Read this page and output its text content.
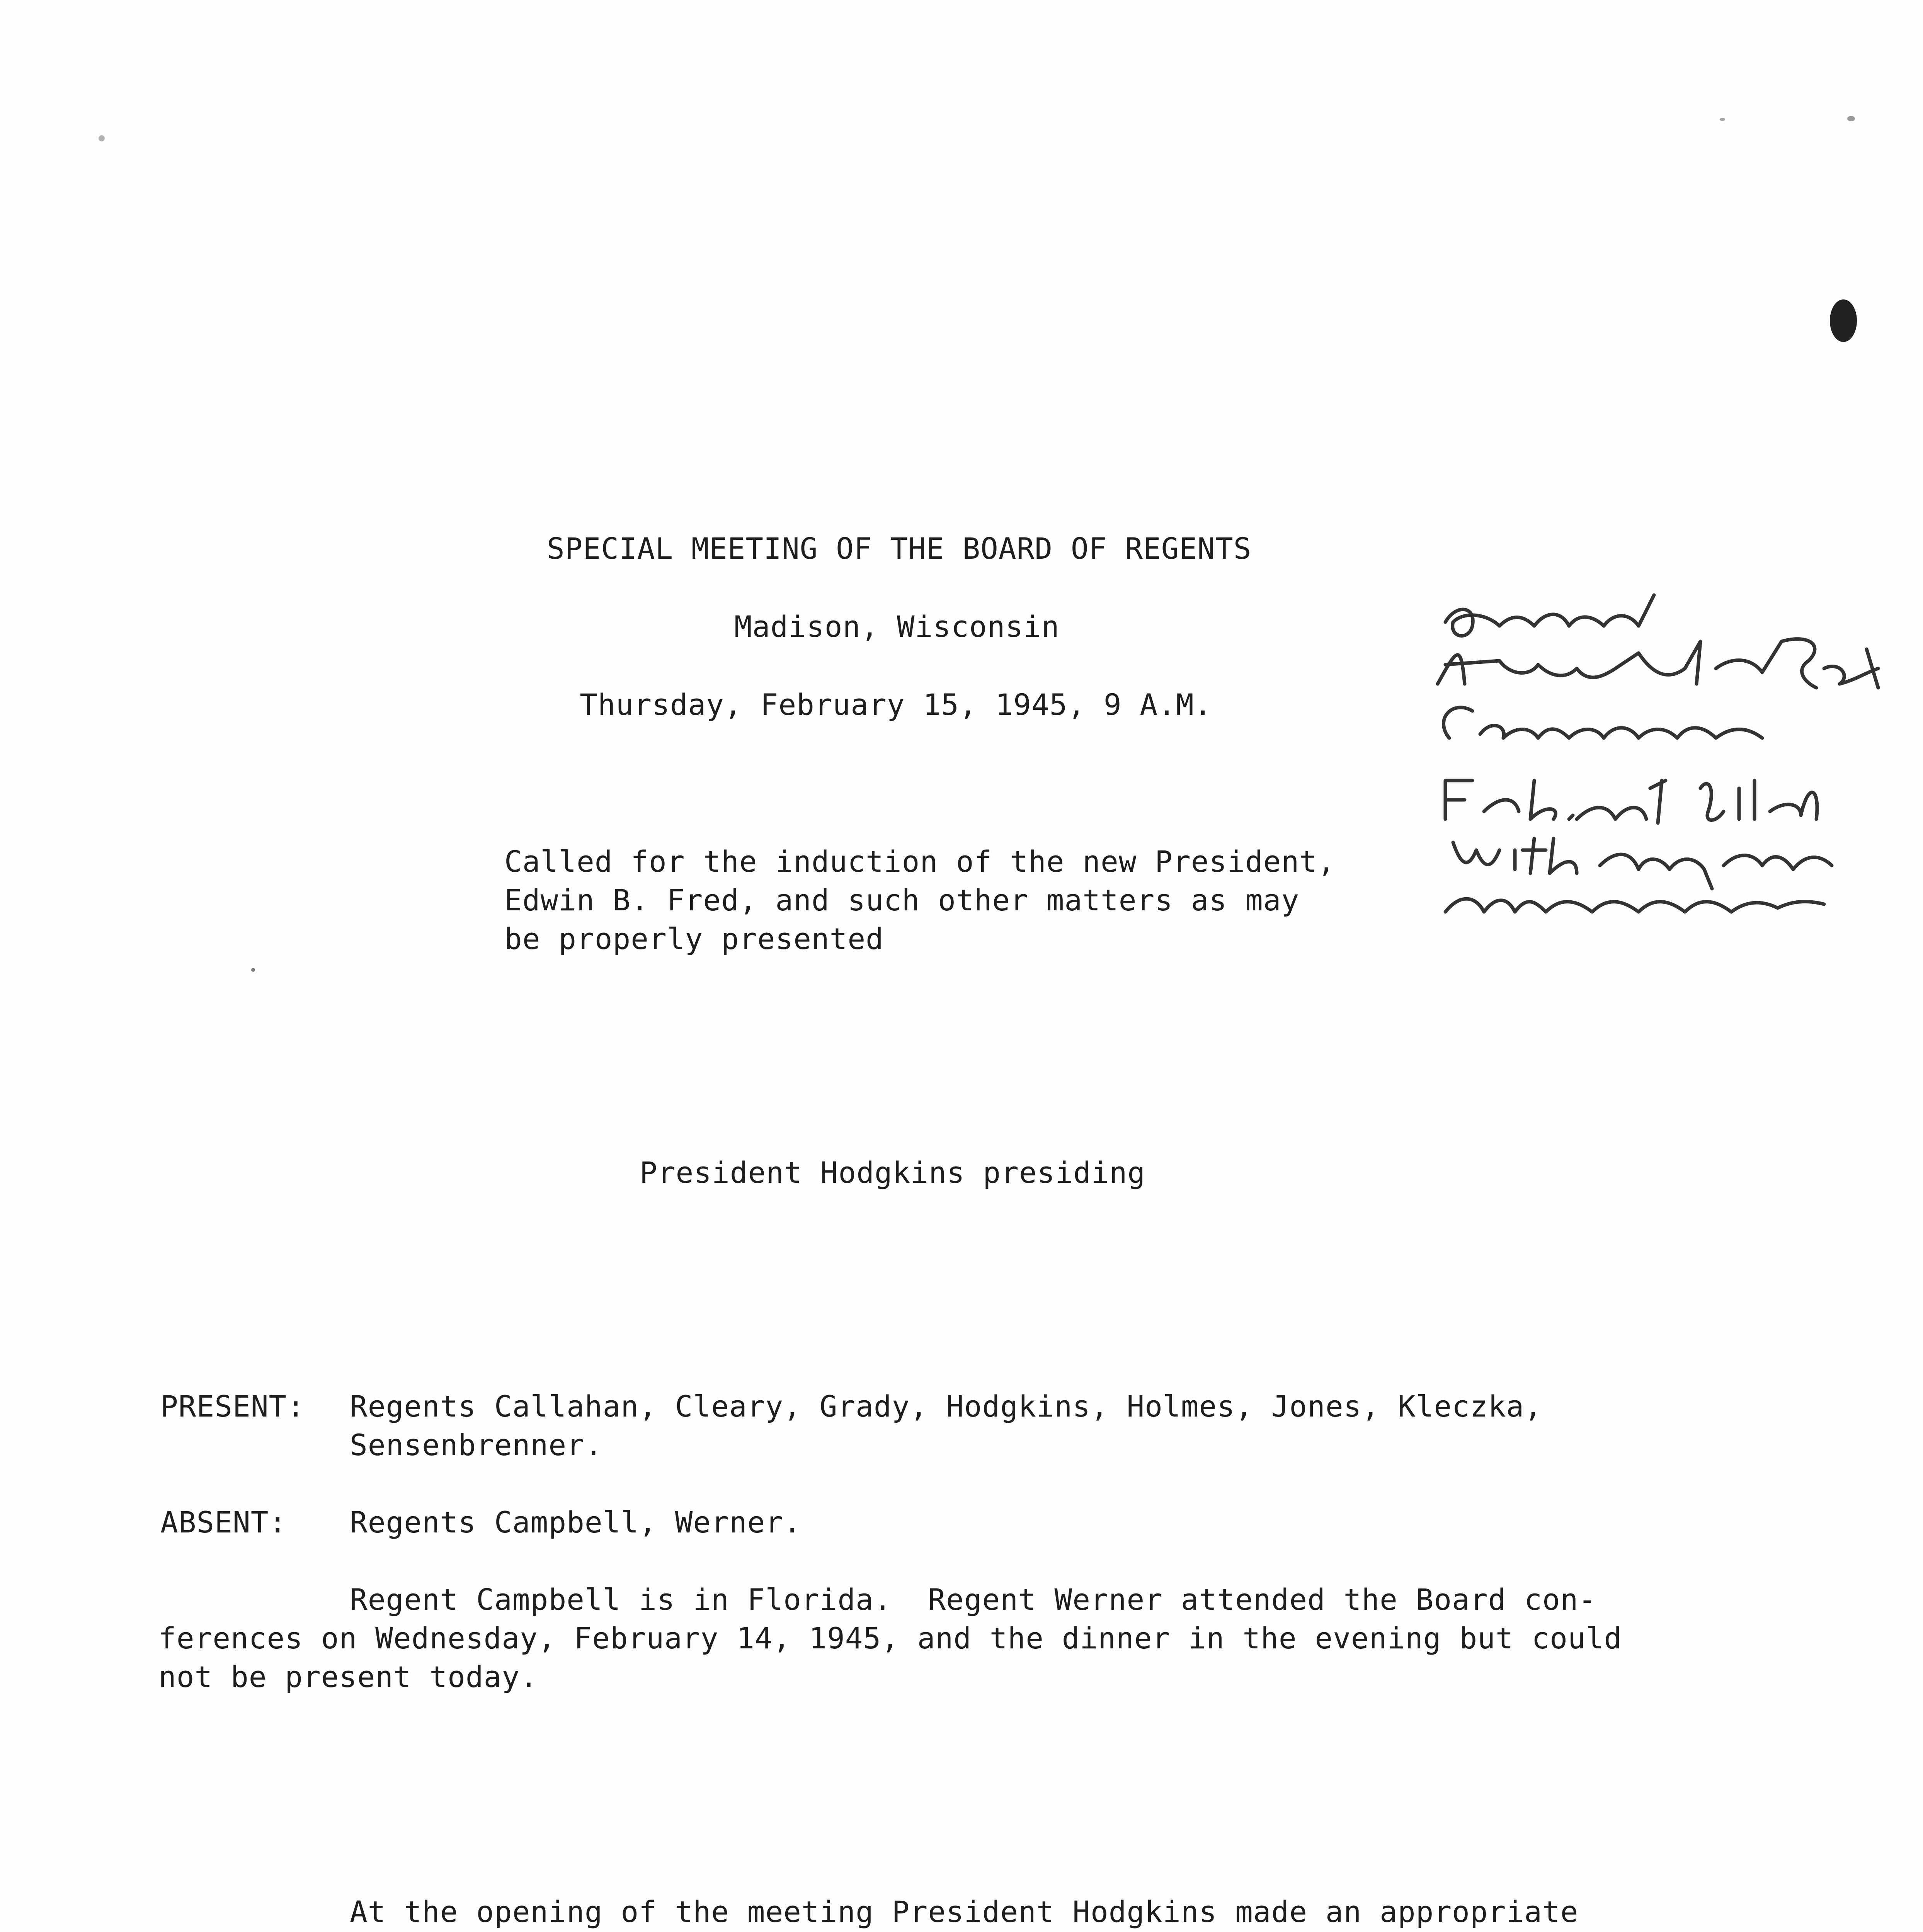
SPECIAL MEETING OF THE BOARD OF REGENTS

Madison, Wisconsin

Thursday, February 15, 1945, 9 A.M.

Called for the induction of the new President,

Edwin B. Fred, and such other matters as may

be properly presented

President Hodgkins presiding

PRESENT: Regents Callahan, Cleary, Grady, Hodgkins, Holmes, Jones, Kleczka,

Sensenbrenner.

ABSENT: Regents Campbell, Werner.

Regent Campbell is in Florida.  Regent Werner attended the Board con-

ferences on Wednesday, February 14, 1945, and the dinner in the evening but could

not be present today.

At the opening of the meeting President Hodgkins made an appropriate
